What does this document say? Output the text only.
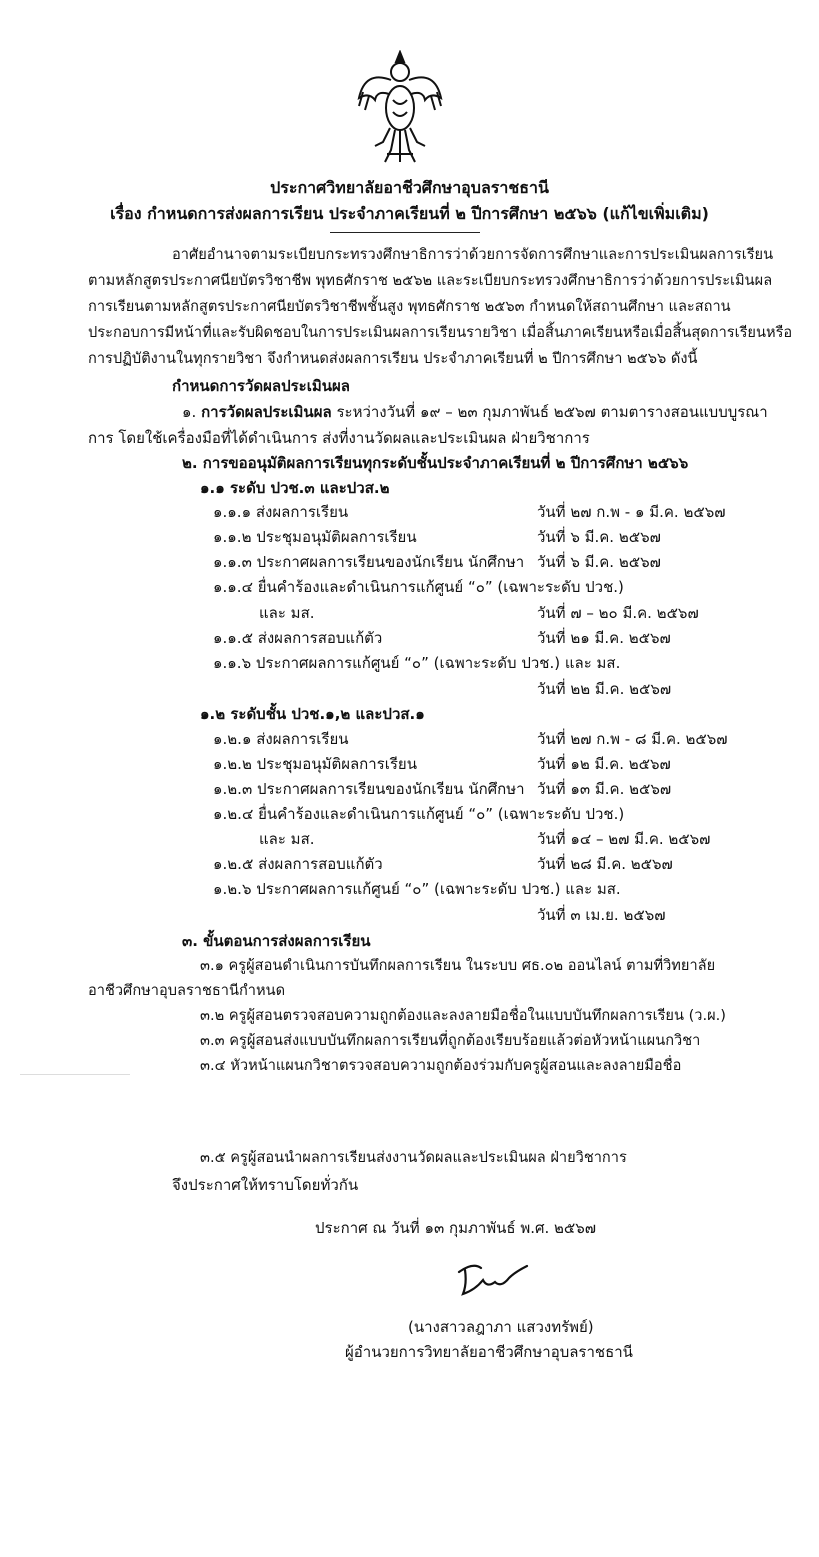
ประกาศวิทยาลัยอาชีวศึกษาอุบลราชธานี
เรื่อง กำหนดการส่งผลการเรียน ประจำภาคเรียนที่ ๒ ปีการศึกษา ๒๕๖๖ (แก้ไขเพิ่มเติม)
อาศัยอำนาจตามระเบียบกระทรวงศึกษาธิการว่าด้วยการจัดการศึกษาและการประเมินผลการเรียน
ตามหลักสูตรประกาศนียบัตรวิชาชีพ พุทธศักราช ๒๕๖๒ และระเบียบกระทรวงศึกษาธิการว่าด้วยการประเมินผล
การเรียนตามหลักสูตรประกาศนียบัตรวิชาชีพชั้นสูง พุทธศักราช ๒๕๖๓ กำหนดให้สถานศึกษา และสถาน
ประกอบการมีหน้าที่และรับผิดชอบในการประเมินผลการเรียนรายวิชา เมื่อสิ้นภาคเรียนหรือเมื่อสิ้นสุดการเรียนหรือ
การปฏิบัติงานในทุกรายวิชา จึงกำหนดส่งผลการเรียน ประจำภาคเรียนที่ ๒ ปีการศึกษา ๒๕๖๖ ดังนี้
กำหนดการวัดผลประเมินผล
๑. การวัดผลประเมินผล ระหว่างวันที่ ๑๙ – ๒๓ กุมภาพันธ์ ๒๕๖๗ ตามตารางสอนแบบบูรณา
การ โดยใช้เครื่องมือที่ได้ดำเนินการ ส่งที่งานวัดผลและประเมินผล ฝ่ายวิชาการ
๒. การขออนุมัติผลการเรียนทุกระดับชั้นประจำภาคเรียนที่ ๒ ปีการศึกษา ๒๕๖๖
๑.๑ ระดับ ปวช.๓ และปวส.๒
๑.๑.๑ ส่งผลการเรียน	วันที่ ๒๗ ก.พ - ๑ มี.ค. ๒๕๖๗
๑.๑.๒ ประชุมอนุมัติผลการเรียน	วันที่ ๖ มี.ค. ๒๕๖๗
๑.๑.๓ ประกาศผลการเรียนของนักเรียน นักศึกษา วันที่ ๖ มี.ค. ๒๕๖๗
๑.๑.๔ ยื่นคำร้องและดำเนินการแก้ศูนย์ “๐” (เฉพาะระดับ ปวช.)
และ มส.	วันที่ ๗ – ๒๐ มี.ค. ๒๕๖๗
๑.๑.๕ ส่งผลการสอบแก้ตัว	วันที่ ๒๑ มี.ค. ๒๕๖๗
๑.๑.๖ ประกาศผลการแก้ศูนย์ “๐” (เฉพาะระดับ ปวช.) และ มส.
วันที่ ๒๒ มี.ค. ๒๕๖๗
๑.๒ ระดับชั้น ปวช.๑,๒ และปวส.๑
๑.๒.๑ ส่งผลการเรียน	วันที่ ๒๗ ก.พ - ๘ มี.ค. ๒๕๖๗
๑.๒.๒ ประชุมอนุมัติผลการเรียน	วันที่ ๑๒ มี.ค. ๒๕๖๗
๑.๒.๓ ประกาศผลการเรียนของนักเรียน นักศึกษา วันที่ ๑๓ มี.ค. ๒๕๖๗
๑.๒.๔ ยื่นคำร้องและดำเนินการแก้ศูนย์ “๐” (เฉพาะระดับ ปวช.)
และ มส.	วันที่ ๑๔ – ๒๗ มี.ค. ๒๕๖๗
๑.๒.๕ ส่งผลการสอบแก้ตัว	วันที่ ๒๘ มี.ค. ๒๕๖๗
๑.๒.๖ ประกาศผลการแก้ศูนย์ “๐” (เฉพาะระดับ ปวช.) และ มส.
วันที่ ๓ เม.ย. ๒๕๖๗
๓. ขั้นตอนการส่งผลการเรียน
๓.๑ ครูผู้สอนดำเนินการบันทึกผลการเรียน ในระบบ ศธ.๐๒ ออนไลน์ ตามที่วิทยาลัย
อาชีวศึกษาอุบลราชธานีกำหนด
๓.๒ ครูผู้สอนตรวจสอบความถูกต้องและลงลายมือชื่อในแบบบันทึกผลการเรียน (ว.ผ.)
๓.๓ ครูผู้สอนส่งแบบบันทึกผลการเรียนที่ถูกต้องเรียบร้อยแล้วต่อหัวหน้าแผนกวิชา
๓.๔ หัวหน้าแผนกวิชาตรวจสอบความถูกต้องร่วมกับครูผู้สอนและลงลายมือชื่อ
๓.๕ ครูผู้สอนนำผลการเรียนส่งงานวัดผลและประเมินผล ฝ่ายวิชาการ
จึงประกาศให้ทราบโดยทั่วกัน
ประกาศ ณ วันที่ ๑๓ กุมภาพันธ์ พ.ศ. ๒๕๖๗
(นางสาวลฎาภา แสวงทรัพย์)
ผู้อำนวยการวิทยาลัยอาชีวศึกษาอุบลราชธานี
